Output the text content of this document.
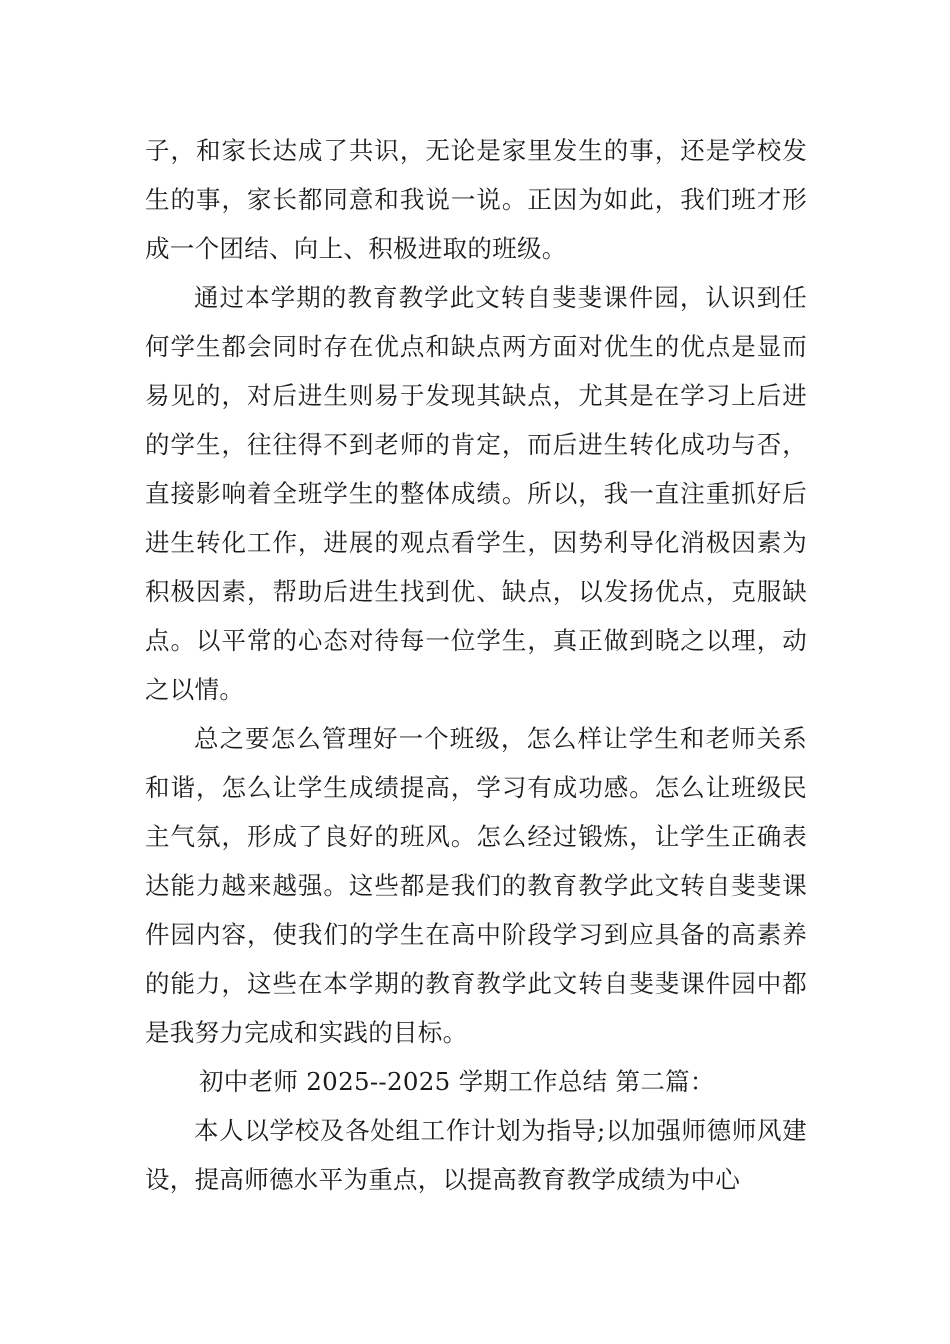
子，和家长达成了共识，无论是家里发生的事，还是学校发生的事，家长都同意和我说一说。正因为如此，我们班才形成一个团结、向上、积极进取的班级。

通过本学期的教育教学此文转自斐斐课件园，认识到任何学生都会同时存在优点和缺点两方面对优生的优点是显而易见的，对后进生则易于发现其缺点，尤其是在学习上后进的学生，往往得不到老师的肯定，而后进生转化成功与否，直接影响着全班学生的整体成绩。所以，我一直注重抓好后进生转化工作，进展的观点看学生，因势利导化消极因素为积极因素，帮助后进生找到优、缺点，以发扬优点，克服缺点。以平常的心态对待每一位学生，真正做到晓之以理，动之以情。

总之要怎么管理好一个班级，怎么样让学生和老师关系和谐，怎么让学生成绩提高，学习有成功感。怎么让班级民主气氛，形成了良好的班风。怎么经过锻炼，让学生正确表达能力越来越强。这些都是我们的教育教学此文转自斐斐课件园内容，使我们的学生在高中阶段学习到应具备的高素养的能力，这些在本学期的教育教学此文转自斐斐课件园中都是我努力完成和实践的目标。

初中老师 2025--2025 学期工作总结 第二篇：

本人以学校及各处组工作计划为指导;以加强师德师风建设，提高师德水平为重点，以提高教育教学成绩为中心
